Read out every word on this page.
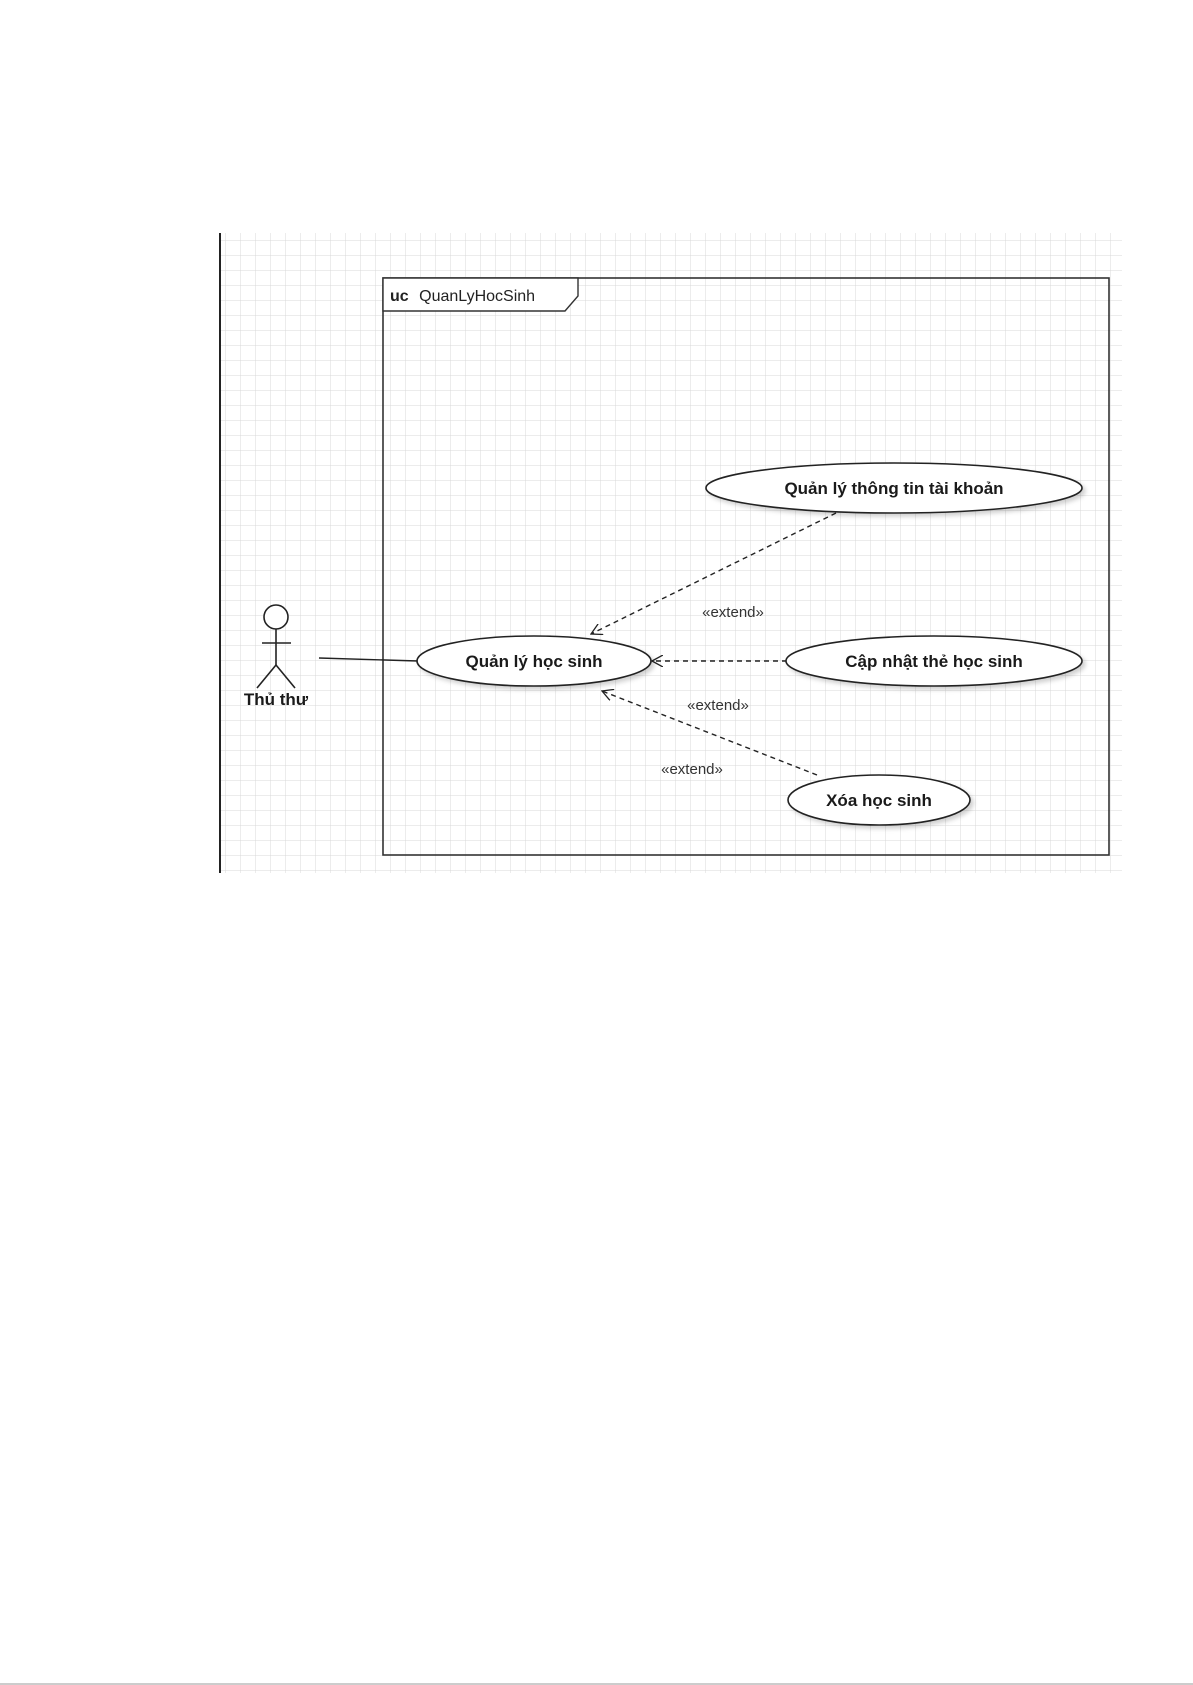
uc QuanLyHocSinh
Thủ thư
«extend»
«extend»
«extend»
Quản lý thông tin tài khoản
Quản lý học sinh	Cập nhật thẻ học sinh
Xóa học sinh
